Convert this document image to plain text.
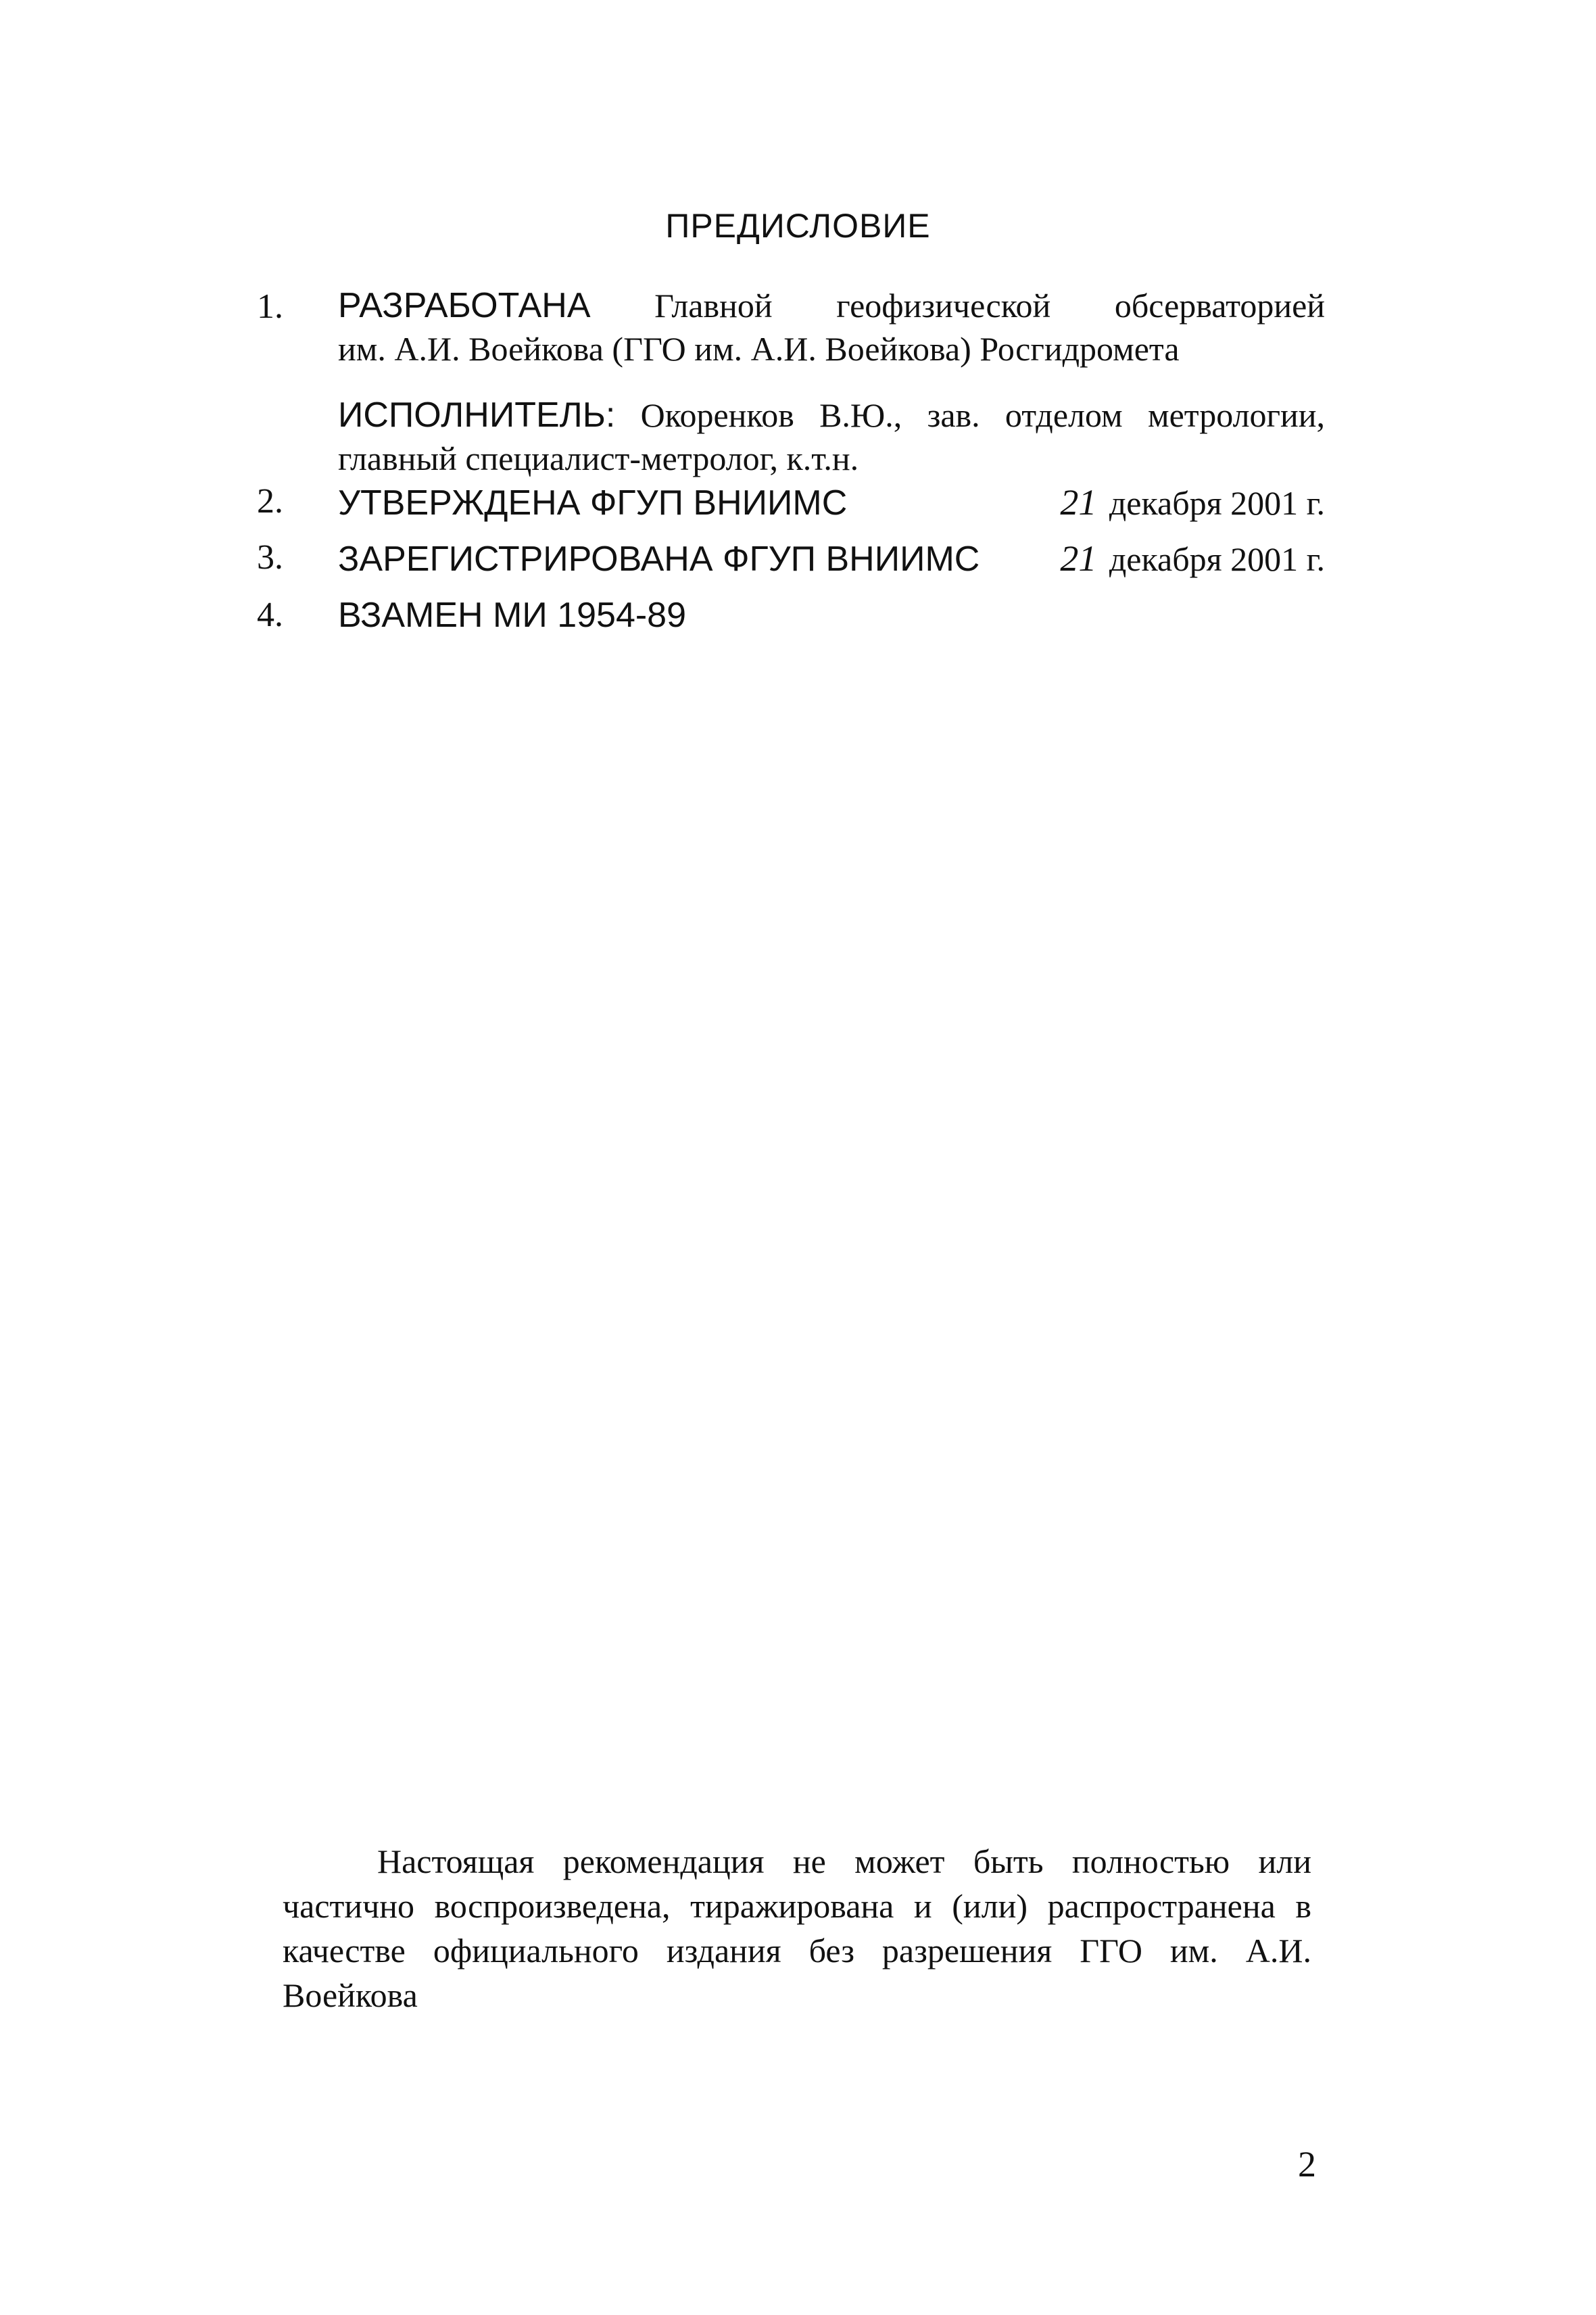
ПРЕДИСЛОВИЕ
1. РАЗРАБОТАНА Главной геофизической обсерваторией
им. А.И. Воейкова (ГГО им. А.И. Воейкова) Росгидромета
ИСПОЛНИТЕЛЬ: Окоренков В.Ю., зав. отделом метрологии,
главный специалист-метролог, к.т.н.
2. УТВЕРЖДЕНА ФГУП ВНИИМС	21 декабря 2001 г.
3. ЗАРЕГИСТРИРОВАНА ФГУП ВНИИМС 21 декабря 2001 г.
4. ВЗАМЕН МИ 1954-89
Настоящая рекомендация не может быть полностью или частично воспроизведена, тиражирована и (или) распространена в качестве официального издания без разрешения ГГО им. А.И. Воейкова
2
